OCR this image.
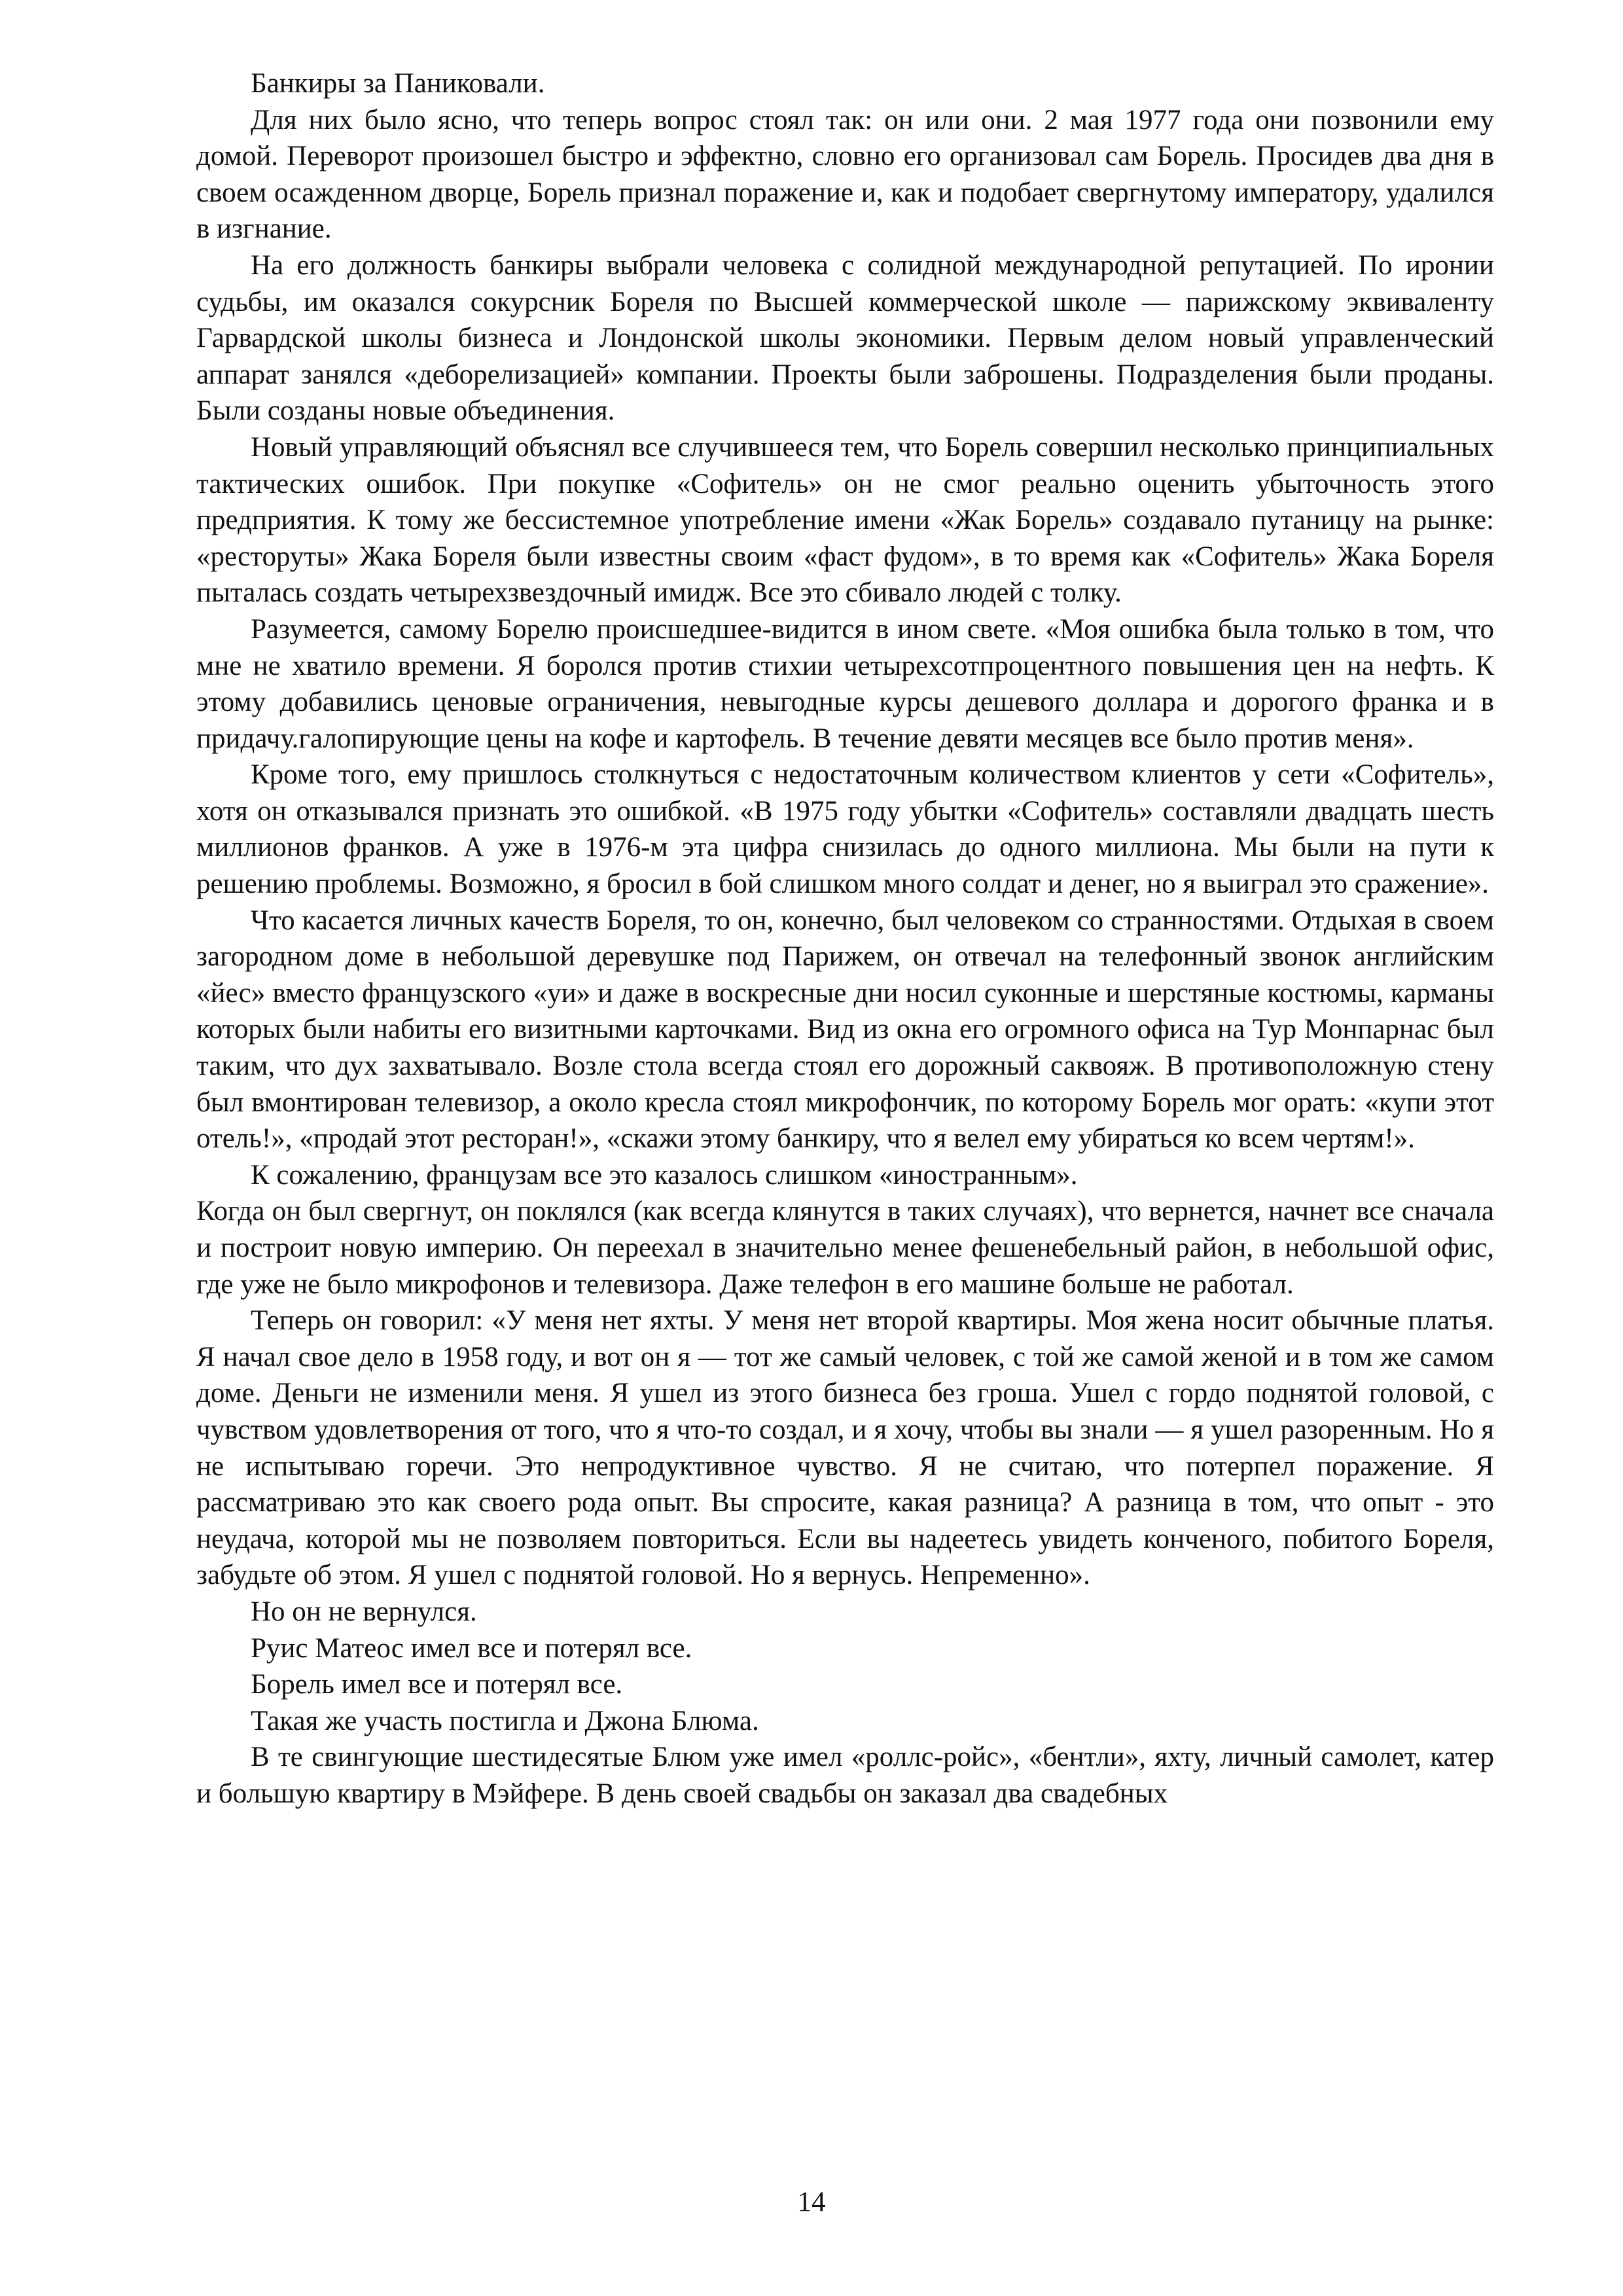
Банкиры за Паниковали.

Для них было ясно, что теперь вопрос стоял так: он или они. 2 мая 1977 года они позвонили ему домой. Переворот произошел быстро и эффектно, словно его организовал сам Борель. Просидев два дня в своем осажденном дворце, Борель признал поражение и, как и подобает свергнутому императору, удалился в изгнание.

На его должность банкиры выбрали человека с солидной международной репутацией. По иронии судьбы, им оказался сокурсник Бореля по Высшей коммерческой школе — парижскому эквиваленту Гарвардской школы бизнеса и Лондонской школы экономики. Первым делом новый управленческий аппарат занялся «деборелизацией» компании. Проекты были заброшены. Подразделения были проданы. Были созданы новые объединения.

Новый управляющий объяснял все случившееся тем, что Борель совершил несколько принципиальных тактических ошибок. При покупке «Софитель» он не смог реально оценить убыточность этого предприятия. К тому же бессистемное употребление имени «Жак Борель» создавало путаницу на рынке: «ресторуты» Жака Бореля были известны своим «фаст фудом», в то время как «Софитель» Жака Бореля пыталась создать четырехзвездочный имидж. Все это сбивало людей с толку.

Разумеется, самому Борелю происшедшее-видится в ином свете. «Моя ошибка была только в том, что мне не хватило времени. Я боролся против стихии четырехсотпроцентного повышения цен на нефть. К этому добавились ценовые ограничения, невыгодные курсы дешевого доллара и дорогого франка и в придачу.галопирующие цены на кофе и картофель. В течение девяти месяцев все было против меня».

Кроме того, ему пришлось столкнуться с недостаточным количеством клиентов у сети «Софитель», хотя он отказывался признать это ошибкой. «В 1975 году убытки «Софитель» составляли двадцать шесть миллионов франков. А уже в 1976-м эта цифра снизилась до одного миллиона. Мы были на пути к решению проблемы. Возможно, я бросил в бой слишком много солдат и денег, но я выиграл это сражение».

Что касается личных качеств Бореля, то он, конечно, был человеком со странностями. Отдыхая в своем загородном доме в небольшой деревушке под Парижем, он отвечал на телефонный звонок английским «йес» вместо французского «уи» и даже в воскресные дни носил суконные и шерстяные костюмы, карманы которых были набиты его визитными карточками. Вид из окна его огромного офиса на Тур Монпарнас был таким, что дух захватывало. Возле стола всегда стоял его дорожный саквояж. В противоположную стену был вмонтирован телевизор, а около кресла стоял микрофончик, по которому Борель мог орать: «купи этот отель!», «продай этот ресторан!», «скажи этому банкиру, что я велел ему убираться ко всем чертям!».

К сожалению, французам все это казалось слишком «иностранным».

Когда он был свергнут, он поклялся (как всегда клянутся в таких случаях), что вернется, начнет все сначала и построит новую империю. Он переехал в значительно менее фешенебельный район, в небольшой офис, где уже не было микрофонов и телевизора. Даже телефон в его машине больше не работал.

Теперь он говорил: «У меня нет яхты. У меня нет второй квартиры. Моя жена носит обычные платья. Я начал свое дело в 1958 году, и вот он я — тот же самый человек, с той же самой женой и в том же самом доме. Деньги не изменили меня. Я ушел из этого бизнеса без гроша. Ушел с гордо поднятой головой, с чувством удовлетворения от того, что я что-то создал, и я хочу, чтобы вы знали — я ушел разоренным. Но я не испытываю горечи. Это непродуктивное чувство. Я не считаю, что потерпел поражение. Я рассматриваю это как своего рода опыт. Вы спросите, какая разница? А разница в том, что опыт - это неудача, которой мы не позволяем повториться. Если вы надеетесь увидеть конченого, побитого Бореля, забудьте об этом. Я ушел с поднятой головой. Но я вернусь. Непременно».

Но он не вернулся.

Руис Матеос имел все и потерял все.

Борель имел все и потерял все.

Такая же участь постигла и Джона Блюма.

В те свингующие шестидесятые Блюм уже имел «роллс-ройс», «бентли», яхту, личный самолет, катер и большую квартиру в Мэйфере. В день своей свадьбы он заказал два свадебных

14
